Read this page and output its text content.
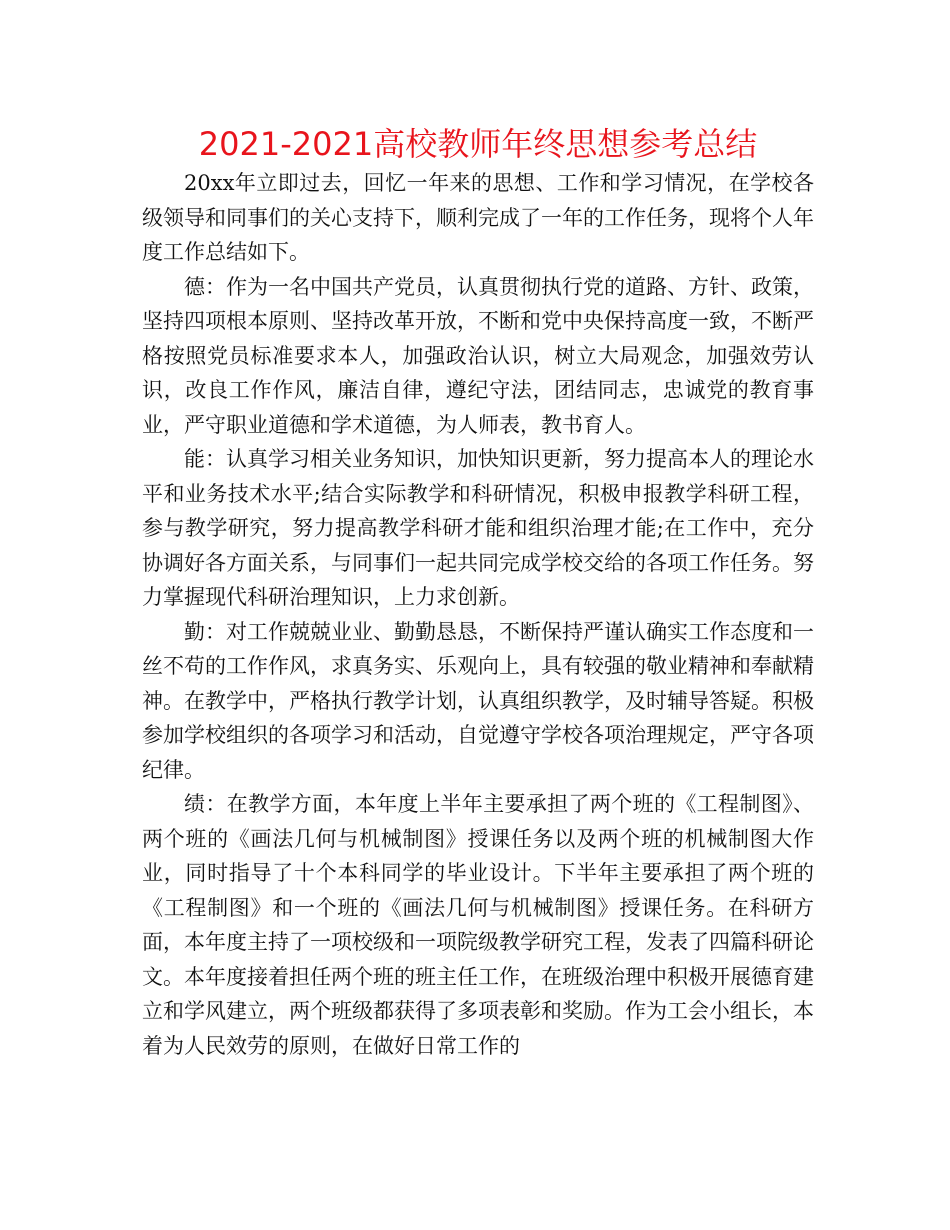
2021-2021高校教师年终思想参考总结

20xx年立即过去，回忆一年来的思想、工作和学习情况，在学校各级领导和同事们的关心支持下，顺利完成了一年的工作任务，现将个人年度工作总结如下。

德：作为一名中国共产党员，认真贯彻执行党的道路、方针、政策，坚持四项根本原则、坚持改革开放，不断和党中央保持高度一致，不断严格按照党员标准要求本人，加强政治认识，树立大局观念，加强效劳认识，改良工作作风，廉洁自律，遵纪守法，团结同志，忠诚党的教育事业，严守职业道德和学术道德，为人师表，教书育人。

能：认真学习相关业务知识，加快知识更新，努力提高本人的理论水平和业务技术水平;结合实际教学和科研情况，积极申报教学科研工程，参与教学研究，努力提高教学科研才能和组织治理才能;在工作中，充分协调好各方面关系，与同事们一起共同完成学校交给的各项工作任务。努力掌握现代科研治理知识，上力求创新。

勤：对工作兢兢业业、勤勤恳恳，不断保持严谨认确实工作态度和一丝不苟的工作作风，求真务实、乐观向上，具有较强的敬业精神和奉献精神。在教学中，严格执行教学计划，认真组织教学，及时辅导答疑。积极参加学校组织的各项学习和活动，自觉遵守学校各项治理规定，严守各项纪律。

绩：在教学方面，本年度上半年主要承担了两个班的《工程制图》、两个班的《画法几何与机械制图》授课任务以及两个班的机械制图大作业，同时指导了十个本科同学的毕业设计。下半年主要承担了两个班的《工程制图》和一个班的《画法几何与机械制图》授课任务。在科研方面，本年度主持了一项校级和一项院级教学研究工程，发表了四篇科研论文。本年度接着担任两个班的班主任工作，在班级治理中积极开展德育建立和学风建立，两个班级都获得了多项表彰和奖励。作为工会小组长，本着为人民效劳的原则，在做好日常工作的
